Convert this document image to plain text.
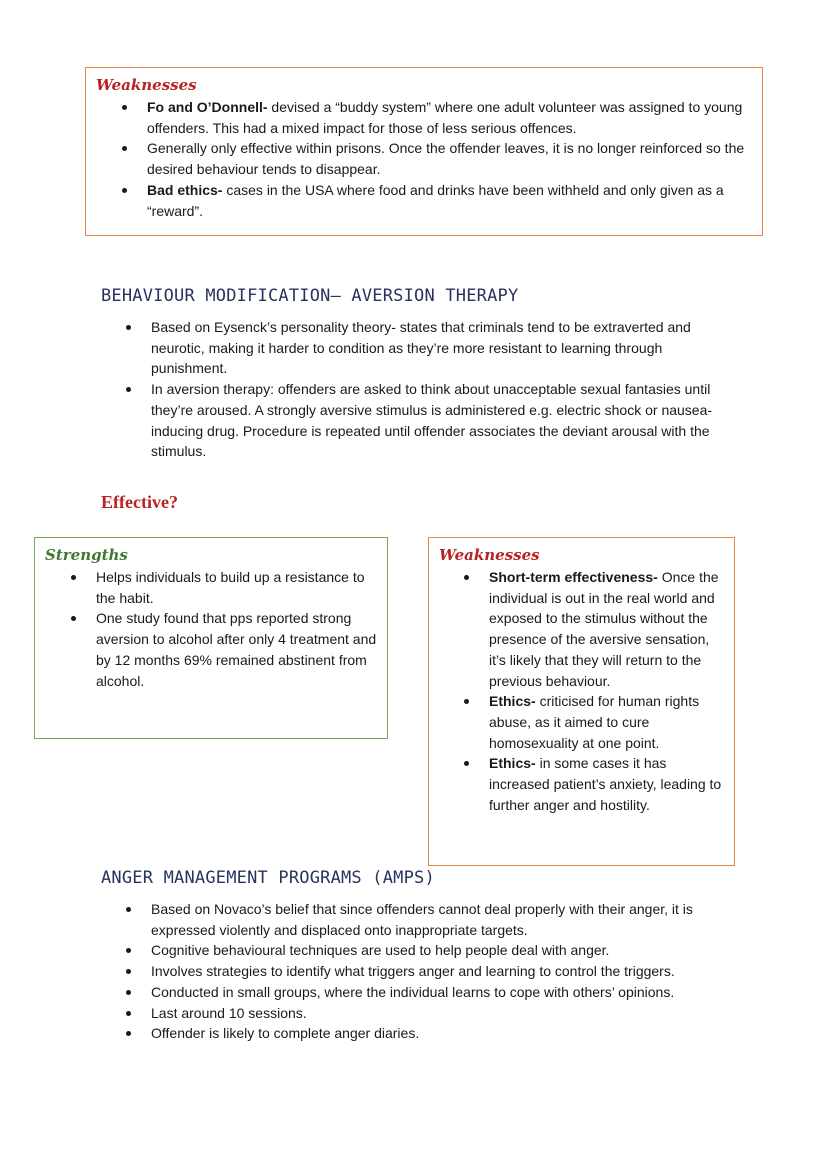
Weaknesses
Fo and O’Donnell- devised a “buddy system” where one adult volunteer was assigned to young offenders. This had a mixed impact for those of less serious offences.
Generally only effective within prisons. Once the offender leaves, it is no longer reinforced so the desired behaviour tends to disappear.
Bad ethics- cases in the USA where food and drinks have been withheld and only given as a “reward”.
BEHAVIOUR MODIFICATION– AVERSION THERAPY
Based on Eysenck’s personality theory- states that criminals tend to be extraverted and neurotic, making it harder to condition as they’re more resistant to learning through punishment.
In aversion therapy: offenders are asked to think about unacceptable sexual fantasies until they’re aroused. A strongly aversive stimulus is administered e.g. electric shock or nausea-inducing drug. Procedure is repeated until offender associates the deviant arousal with the stimulus.
Effective?
Strengths
Helps individuals to build up a resistance to the habit.
One study found that pps reported strong aversion to alcohol after only 4 treatment and by 12 months 69% remained abstinent from alcohol.
Weaknesses
Short-term effectiveness- Once the individual is out in the real world and exposed to the stimulus without the presence of the aversive sensation, it’s likely that they will return to the previous behaviour.
Ethics- criticised for human rights abuse, as it aimed to cure homosexuality at one point.
Ethics- in some cases it has increased patient’s anxiety, leading to further anger and hostility.
ANGER MANAGEMENT PROGRAMS (AMPS)
Based on Novaco’s belief that since offenders cannot deal properly with their anger, it is expressed violently and displaced onto inappropriate targets.
Cognitive behavioural techniques are used to help people deal with anger.
Involves strategies to identify what triggers anger and learning to control the triggers.
Conducted in small groups, where the individual learns to cope with others’ opinions.
Last around 10 sessions.
Offender is likely to complete anger diaries.
